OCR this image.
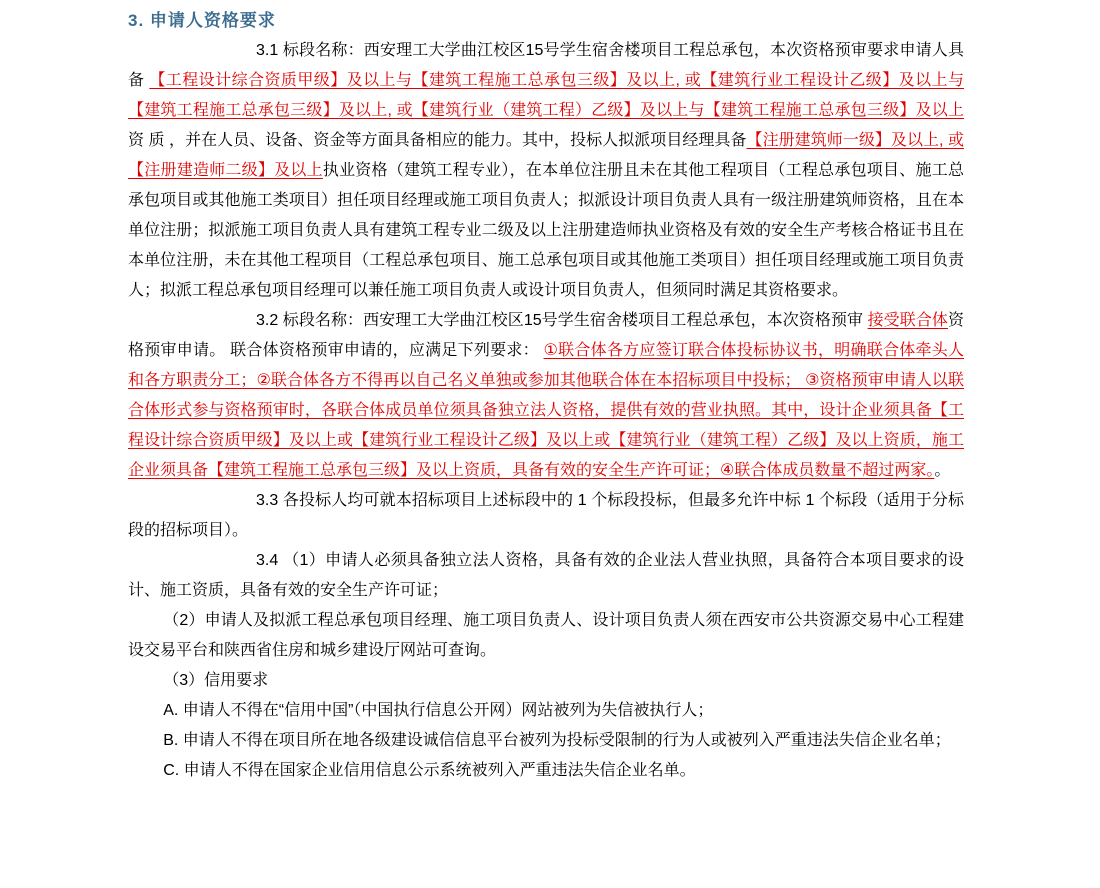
3. 申请人资格要求

3.1 标段名称：西安理工大学曲江校区15号学生宿舍楼项目工程总承包，本次资格预审要求申请人具备 【工程设计综合资质甲级】及以上与【建筑工程施工总承包三级】及以上, 或【建筑行业工程设计乙级】及以上与【建筑工程施工总承包三级】及以上, 或【建筑行业（建筑工程）乙级】及以上与【建筑工程施工总承包三级】及以上 资 质 ，并在人员、设备、资金等方面具备相应的能力。其中，投标人拟派项目经理具备【注册建筑师一级】及以上, 或【注册建造师二级】及以上执业资格（建筑工程专业），在本单位注册且未在其他工程项目（工程总承包项目、施工总承包项目或其他施工类项目）担任项目经理或施工项目负责人；拟派设计项目负责人具有一级注册建筑师资格，且在本单位注册；拟派施工项目负责人具有建筑工程专业二级及以上注册建造师执业资格及有效的安全生产考核合格证书且在本单位注册，未在其他工程项目（工程总承包项目、施工总承包项目或其他施工类项目）担任项目经理或施工项目负责人；拟派工程总承包项目经理可以兼任施工项目负责人或设计项目负责人，但须同时满足其资格要求。

3.2 标段名称：西安理工大学曲江校区15号学生宿舍楼项目工程总承包，本次资格预审 接受联合体资格预审申请。 联合体资格预审申请的，应满足下列要求： ①联合体各方应签订联合体投标协议书，明确联合体牵头人和各方职责分工；②联合体各方不得再以自己名义单独或参加其他联合体在本招标项目中投标； ③资格预审申请人以联合体形式参与资格预审时，各联合体成员单位须具备独立法人资格，提供有效的营业执照。其中，设计企业须具备【工程设计综合资质甲级】及以上或【建筑行业工程设计乙级】及以上或【建筑行业（建筑工程）乙级】及以上资质，施工企业须具备【建筑工程施工总承包三级】及以上资质，具备有效的安全生产许可证；④联合体成员数量不超过两家。。

3.3 各投标人均可就本招标项目上述标段中的 1 个标段投标，但最多允许中标 1 个标段（适用于分标段的招标项目）。

3.4 （1）申请人必须具备独立法人资格，具备有效的企业法人营业执照，具备符合本项目要求的设计、施工资质，具备有效的安全生产许可证；

（2）申请人及拟派工程总承包项目经理、施工项目负责人、设计项目负责人须在西安市公共资源交易中心工程建设交易平台和陕西省住房和城乡建设厅网站可查询。

（3）信用要求

A. 申请人不得在“信用中国”（中国执行信息公开网）网站被列为失信被执行人；

B. 申请人不得在项目所在地各级建设诚信信息平台被列为投标受限制的行为人或被列入严重违法失信企业名单；

C. 申请人不得在国家企业信用信息公示系统被列入严重违法失信企业名单。
